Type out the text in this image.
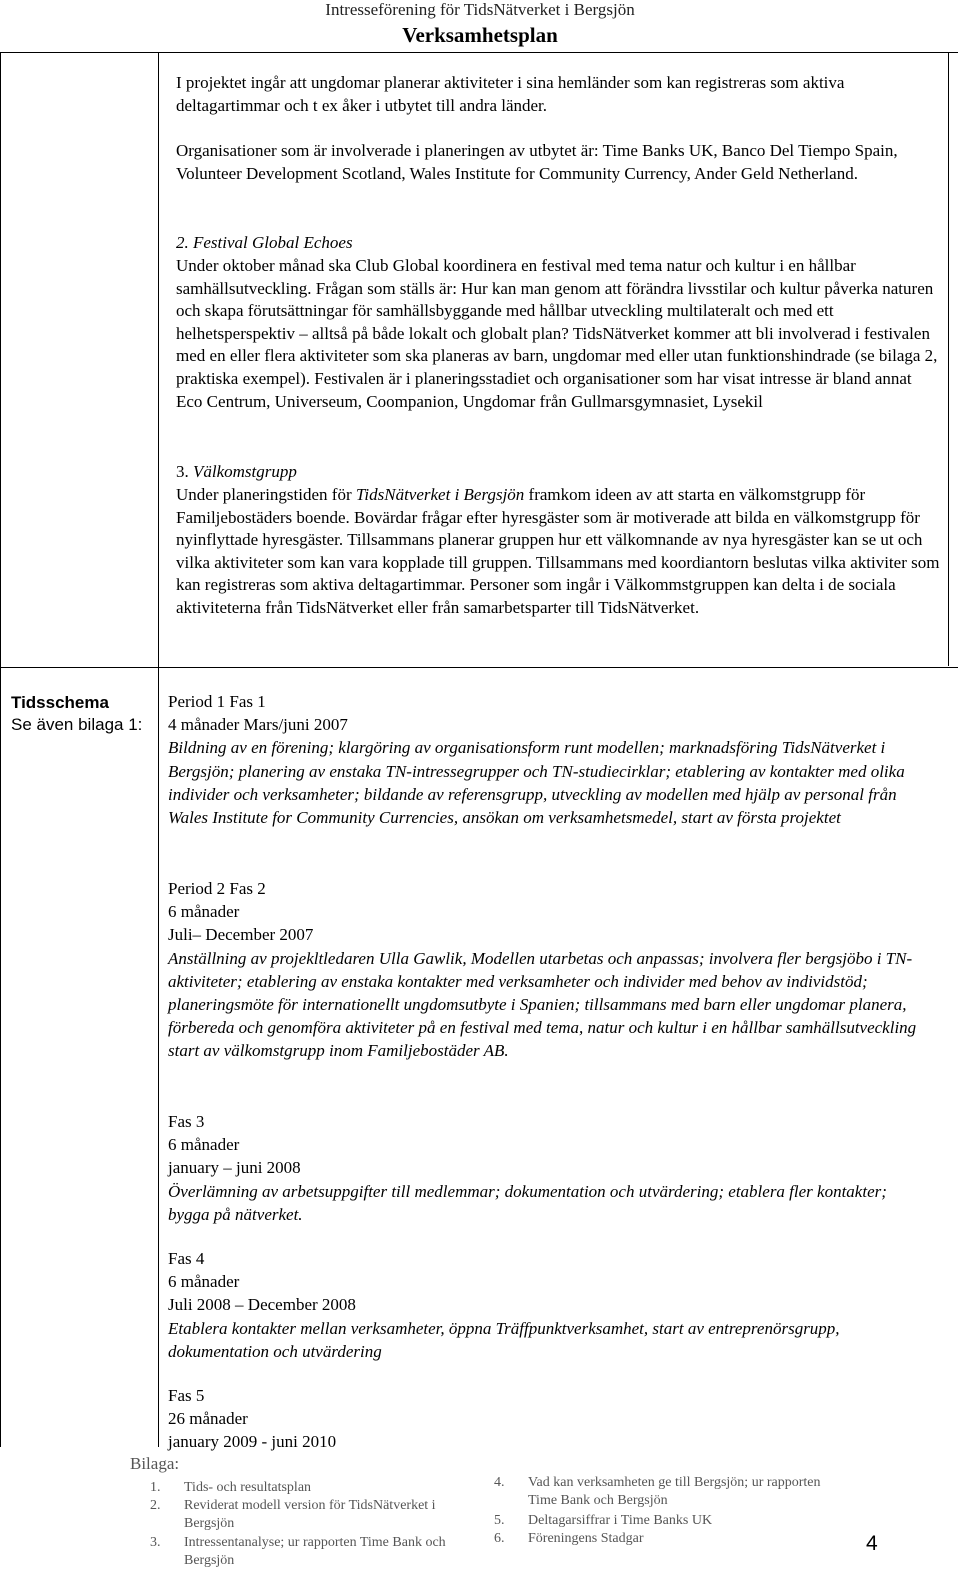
Intresseförening för TidsNätverket i Bergsjön
Verksamhetsplan

I projektet ingår att ungdomar planerar aktiviteter i sina hemländer som kan registreras som aktiva deltagartimmar och t ex åker i utbytet till andra länder.

Organisationer som är involverade i planeringen av utbytet är: Time Banks UK, Banco Del Tiempo Spain, Volunteer Development Scotland, Wales Institute for Community Currency, Ander Geld Netherland.

2. Festival Global Echoes

Under oktober månad ska Club Global koordinera en festival med tema natur och kultur i en hållbar samhällsutveckling. Frågan som ställs är: Hur kan man genom att förändra livsstilar och kultur påverka naturen och skapa förutsättningar för samhällsbyggande med hållbar utveckling multilateralt och med ett helhetsperspektiv – alltså på både lokalt och globalt plan? TidsNätverket kommer att bli involverad i festivalen med en eller flera aktiviteter som ska planeras av barn, ungdomar med eller utan funktionshindrade (se bilaga 2, praktiska exempel). Festivalen är i planeringsstadiet och organisationer som har visat intresse är bland annat Eco Centrum, Universeum, Coompanion, Ungdomar från Gullmarsgymnasiet, Lysekil

3. Välkomstgrupp

Under planeringstiden för TidsNätverket i Bergsjön framkom ideen av att starta en välkomstgrupp för Familjebostäders boende. Bovärdar frågar efter hyresgäster som är motiverade att bilda en välkomstgrupp för nyinflyttade hyresgäster. Tillsammans planerar gruppen hur ett välkomnande av nya hyresgäster kan se ut och vilka aktiviteter som kan vara kopplade till gruppen. Tillsammans med koordiantorn beslutas vilka aktiviter som kan registreras som aktiva deltagartimmar. Personer som ingår i Välkommstgruppen kan delta i de sociala aktiviteterna från TidsNätverket eller från samarbetsparter till TidsNätverket.

Tidsschema
Se även bilaga 1:
Period 1 Fas 1
4 månader Mars/juni 2007
Bildning av en förening; klargöring av organisationsform runt modellen; marknadsföring TidsNätverket i Bergsjön; planering av enstaka TN-intressegrupper och TN-studiecirklar; etablering av kontakter med olika individer och verksamheter; bildande av referensgrupp, utveckling av modellen med hjälp av personal från Wales Institute for Community Currencies, ansökan om verksamhetsmedel, start av första projektet
Period 2 Fas 2
6 månader
Juli– December 2007
Anställning av projekltledaren Ulla Gawlik, Modellen utarbetas och anpassas; involvera fler bergsjöbo i TN-aktiviteter; etablering av enstaka kontakter med verksamheter och individer med behov av individstöd; planeringsmöte för internationellt ungdomsutbyte i Spanien; tillsammans med barn eller ungdomar planera, förbereda och genomföra aktiviteter på en festival med tema, natur och kultur i en hållbar samhällsutveckling start av välkomstgrupp inom Familjebostäder AB.
Fas 3
6 månader
january – juni 2008
Överlämning av arbetsuppgifter till medlemmar; dokumentation och utvärdering; etablera fler kontakter; bygga på nätverket.
Fas 4
6 månader
Juli 2008 – December 2008
Etablera kontakter mellan verksamheter, öppna Träffpunktverksamhet, start av entreprenörsgrupp, dokumentation och utvärdering
Fas 5
26 månader
january 2009 - juni 2010
Bilaga:
1. Tids- och resultatsplan
2. Reviderat modell version för TidsNätverket i Bergsjön
3. Intressentanalyse; ur rapporten Time Bank och Bergsjön
4. Vad kan verksamheten ge till Bergsjön; ur rapporten Time Bank och Bergsjön
5. Deltagarsiffrar i Time Banks UK
6. Föreningens Stadgar	4
